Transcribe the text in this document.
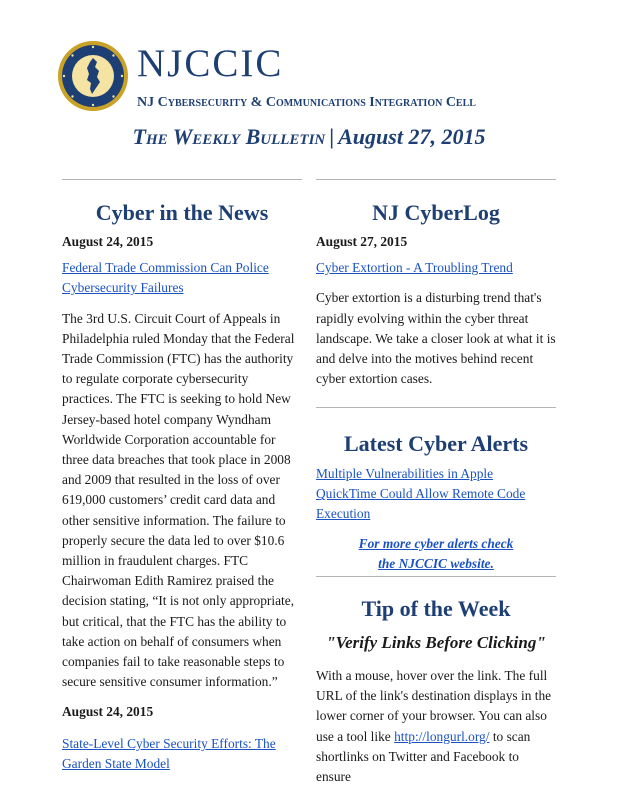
NJCCIC
NJ Cybersecurity & Communications Integration Cell
The Weekly Bulletin | August 27, 2015
Cyber in the News

August 24, 2015

Federal Trade Commission Can Police Cybersecurity Failures

The 3rd U.S. Circuit Court of Appeals in Philadelphia ruled Monday that the Federal Trade Commission (FTC) has the authority to regulate corporate cybersecurity practices. The FTC is seeking to hold New Jersey-based hotel company Wyndham Worldwide Corporation accountable for three data breaches that took place in 2008 and 2009 that resulted in the loss of over 619,000 customers’ credit card data and other sensitive information. The failure to properly secure the data led to over $10.6 million in fraudulent charges. FTC Chairwoman Edith Ramirez praised the decision stating, “It is not only appropriate, but critical, that the FTC has the ability to take action on behalf of consumers when companies fail to take reasonable steps to secure sensitive consumer information.”

August 24, 2015

State-Level Cyber Security Efforts: The Garden State Model

NJ CyberLog

August 27, 2015

Cyber Extortion - A Troubling Trend

Cyber extortion is a disturbing trend that's rapidly evolving within the cyber threat landscape. We take a closer look at what it is and delve into the motives behind recent cyber extortion cases.

Latest Cyber Alerts

Multiple Vulnerabilities in Apple QuickTime Could Allow Remote Code Execution

For more cyber alerts check
the NJCCIC website.
Tip of the Week
"Verify Links Before Clicking"

With a mouse, hover over the link. The full URL of the link's destination displays in the lower corner of your browser. You can also use a tool like http://longurl.org/ to scan shortlinks on Twitter and Facebook to ensure
